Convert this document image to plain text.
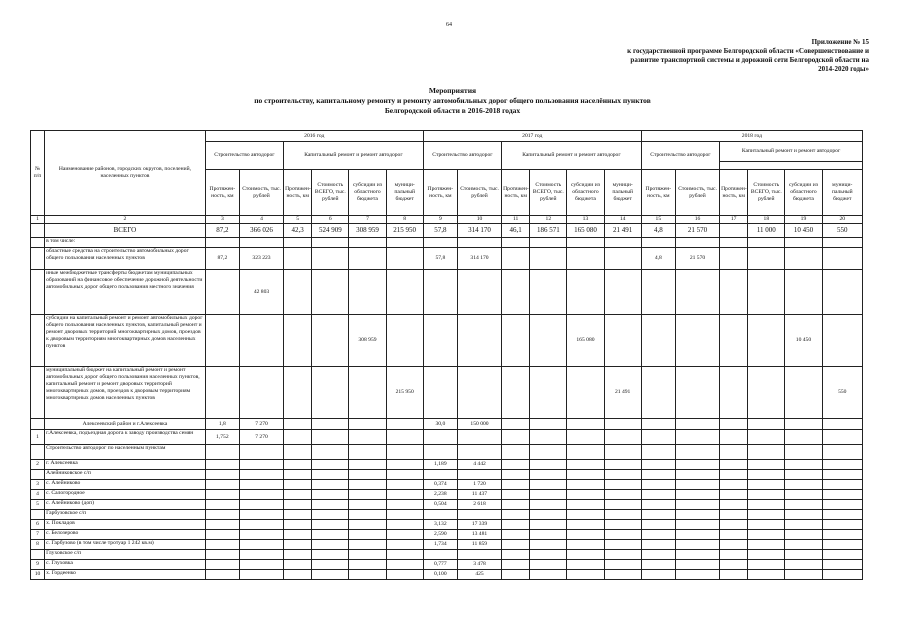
64
Приложение № 15
к государственной программе Белгородской области «Совершенствование и
развитие транспортной системы и дорожной сети Белгородской области на
2014-2020 годы»
Мероприятия
по строительству, капитальному ремонту и ремонту автомобильных дорог общего пользования населённых пунктов
Белгородской области в 2016-2018 годах
№ п/п	Наименование районов, городских округов, поселений, населенных пунктов	2016 год						2017 год						2018 год					
		Строительство автодорог		Капитальный ремонт и ремонт автодорог				Строительство автодорог		Капитальный ремонт и ремонт автодорог				Строительство автодорог		Капитальный ремонт и ремонт автодорог			

		Протяжен-ность, км	Стоимость, тыс. рублей	Протяжен-ность, км	Стоимость ВСЕГО, тыс. рублей	субсидии из областного бюджета	муници-пальный бюджет	Протяжен-ность, км	Стоимость, тыс. рублей	Протяжен-ность, км	Стоимость ВСЕГО, тыс. рублей	субсидии из областного бюджета	муници-пальный бюджет	Протяжен-ность, км	Стоимость, тыс. рублей	Протяжен-ность, км	Стоимость ВСЕГО, тыс. рублей	субсидии из областного бюджета	муници-пальный бюджет
1	2	3	4	5	6	7	8	9	10	11	12	13	14	15	16	17	18	19	20
	ВСЕГО	87,2	366 026	42,3	524 909	308 959	215 950	57,8	314 170	46,1	186 571	165 080	21 491	4,8	21 570		11 000	10 450	550
	в том числе:																		
	областные средства на строительство автомобильных дорог общего пользования населенных пунктов	87,2	323 223					57,8	314 170					4,8	21 570				
	иные межбюджетные трансферты бюджетам муниципальных образований на финансовое обеспечение дорожной деятельности автомобильных дорог общего пользования местного значения		42 803																
	субсидии на капитальный ремонт и ремонт автомобильных дорог общего пользования населенных пунктов, капитальный ремонт и ремонт дворовых территорий многоквартирных домов, проездов к дворовым территориям многоквартирных домов населенных пунктов					308 959						165 080						10 450	
	муниципальный бюджет на капитальный ремонт и ремонт автомобильных дорог общего пользования населенных пунктов, капитальный ремонт и ремонт дворовых территорий многоквартирных домов, проездов к дворовым территориям многоквартирных домов населенных пунктов						215 950						21 491						550
	Алексеевский район и г.Алексеевка	1,8	7 270					30,0	150 000										
1	г.Алексеевка, подъездная дорога к заводу производства семян	1,752	7 270																
	Строительство автодорог по населенным пунктам																		
2	г. Алексеевка							1,189	4 442										
	Алейниковское с/п																		
3	с. Алейниково							0,374	1 720										
4	с. Салогородное							2,238	11 437										
5	с. Алейниково (доп)							0,504	2 618										
	Гарбузовское с/п																		
6	х. Покладов							3,132	17 339										
7	с. Белозерово							2,590	13 481										
8	с. Гарбузово (в том числе тротуар 1 242 кв.м)							1,734	11 859										
	Глуховское с/п																		
9	с. Глуховка							0,777	3 478										
10	х. Гордеенко							0,100	425										
